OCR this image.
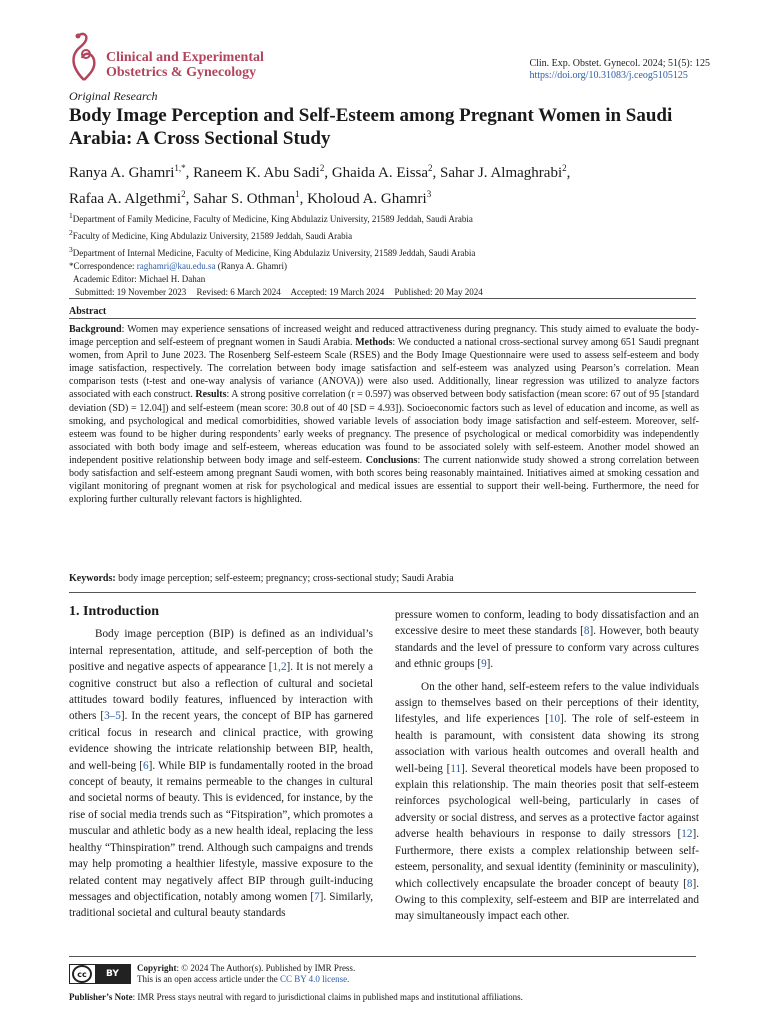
Clinical and Experimental
Obstetrics & Gynecology
Clin. Exp. Obstet. Gynecol. 2024; 51(5): 125
https://doi.org/10.31083/j.ceog5105125
Original Research
Body Image Perception and Self-Esteem among Pregnant Women in Saudi Arabia: A Cross Sectional Study
Ranya A. Ghamri$^{1,*}$, Raneem K. Abu Sadi$^2$, Ghaida A. Eissa$^2$, Sahar J. Almaghrabi$^2$,
Rafaa A. Algethmi$^2$, Sahar S. Othman$^1$, Kholoud A. Ghamri$^3$
$^1$Department of Family Medicine, Faculty of Medicine, King Abdulaziz University, 21589 Jeddah, Saudi Arabia
$^2$Faculty of Medicine, King Abdulaziz University, 21589 Jeddah, Saudi Arabia
$^3$Department of Internal Medicine, Faculty of Medicine, King Abdulaziz University, 21589 Jeddah, Saudi Arabia
*Correspondence: raghamri@kau.edu.sa (Ranya A. Ghamri)
Academic Editor: Michael H. Dahan
Submitted: 19 November 2023 Revised: 6 March 2024 Accepted: 19 March 2024 Published: 20 May 2024
Abstract
Background: Women may experience sensations of increased weight and reduced attractiveness during pregnancy. This study aimed to evaluate the body-image perception and self-esteem of pregnant women in Saudi Arabia. Methods: We conducted a national cross-sectional survey among 651 Saudi pregnant women, from April to June 2023. The Rosenberg Self-esteem Scale (RSES) and the Body Image Questionnaire were used to assess self-esteem and body image satisfaction, respectively. The correlation between body image satisfaction and self-esteem was analyzed using Pearson’s correlation. Mean comparison tests (t-test and one-way analysis of variance (ANOVA)) were also used. Additionally, linear regression was utilized to analyze factors associated with each construct. Results: A strong positive correlation (r = 0.597) was observed between body satisfaction (mean score: 67 out of 95 [standard deviation (SD) = 12.04]) and self-esteem (mean score: 30.8 out of 40 [SD = 4.93]). Socioeconomic factors such as level of education and income, as well as smoking, and psychological and medical comorbidities, showed variable levels of association body image satisfaction and self-esteem. Moreover, self-esteem was found to be higher during respondents’ early weeks of pregnancy. The presence of psychological or medical comorbidity was independently associated with both body image and self-esteem, whereas education was found to be associated solely with self-esteem. Another model showed an independent positive relationship between body image and self-esteem. Conclusions: The current nationwide study showed a strong correlation between body satisfaction and self-esteem among pregnant Saudi women, with both scores being reasonably maintained. Initiatives aimed at smoking cessation and vigilant monitoring of pregnant women at risk for psychological and medical issues are essential to support their well-being. Furthermore, the need for exploring further culturally relevant factors is highlighted.
Keywords: body image perception; self-esteem; pregnancy; cross-sectional study; Saudi Arabia
1. Introduction

Body image perception (BIP) is defined as an individual’s internal representation, attitude, and self-perception of both the positive and negative aspects of appearance [1,2]. It is not merely a cognitive construct but also a reflection of cultural and societal attitudes toward bodily features, influenced by interaction with others [3–5]. In the recent years, the concept of BIP has garnered critical focus in research and clinical practice, with growing evidence showing the intricate relationship between BIP, health, and well-being [6]. While BIP is fundamentally rooted in the broad concept of beauty, it remains permeable to the changes in cultural and societal norms of beauty. This is evidenced, for instance, by the rise of social media trends such as “Fitspiration”, which promotes a muscular and athletic body as a new health ideal, replacing the less healthy “Thinspiration” trend. Although such campaigns and trends may help promoting a healthier lifestyle, massive exposure to the related content may negatively affect BIP through guilt-inducing messages and objectification, notably among women [7]. Similarly, traditional societal and cultural beauty standards

pressure women to conform, leading to body dissatisfaction and an excessive desire to meet these standards [8]. However, both beauty standards and the level of pressure to conform vary across cultures and ethnic groups [9].

On the other hand, self-esteem refers to the value individuals assign to themselves based on their perceptions of their identity, lifestyles, and life experiences [10]. The role of self-esteem in health is paramount, with consistent data showing its strong association with various health outcomes and overall health and well-being [11]. Several theoretical models have been proposed to explain this relationship. The main theories posit that self-esteem reinforces psychological well-being, particularly in cases of adversity or social distress, and serves as a protective factor against adverse health behaviours in response to daily stressors [12]. Furthermore, there exists a complex relationship between self-esteem, personality, and sexual identity (femininity or masculinity), which collectively encapsulate the broader concept of beauty [8]. Owing to this complexity, self-esteem and BIP are interrelated and may simultaneously impact each other.

cc	BY
Copyright: © 2024 The Author(s). Published by IMR Press.
This is an open access article under the CC BY 4.0 license.
Publisher’s Note: IMR Press stays neutral with regard to jurisdictional claims in published maps and institutional affiliations.
